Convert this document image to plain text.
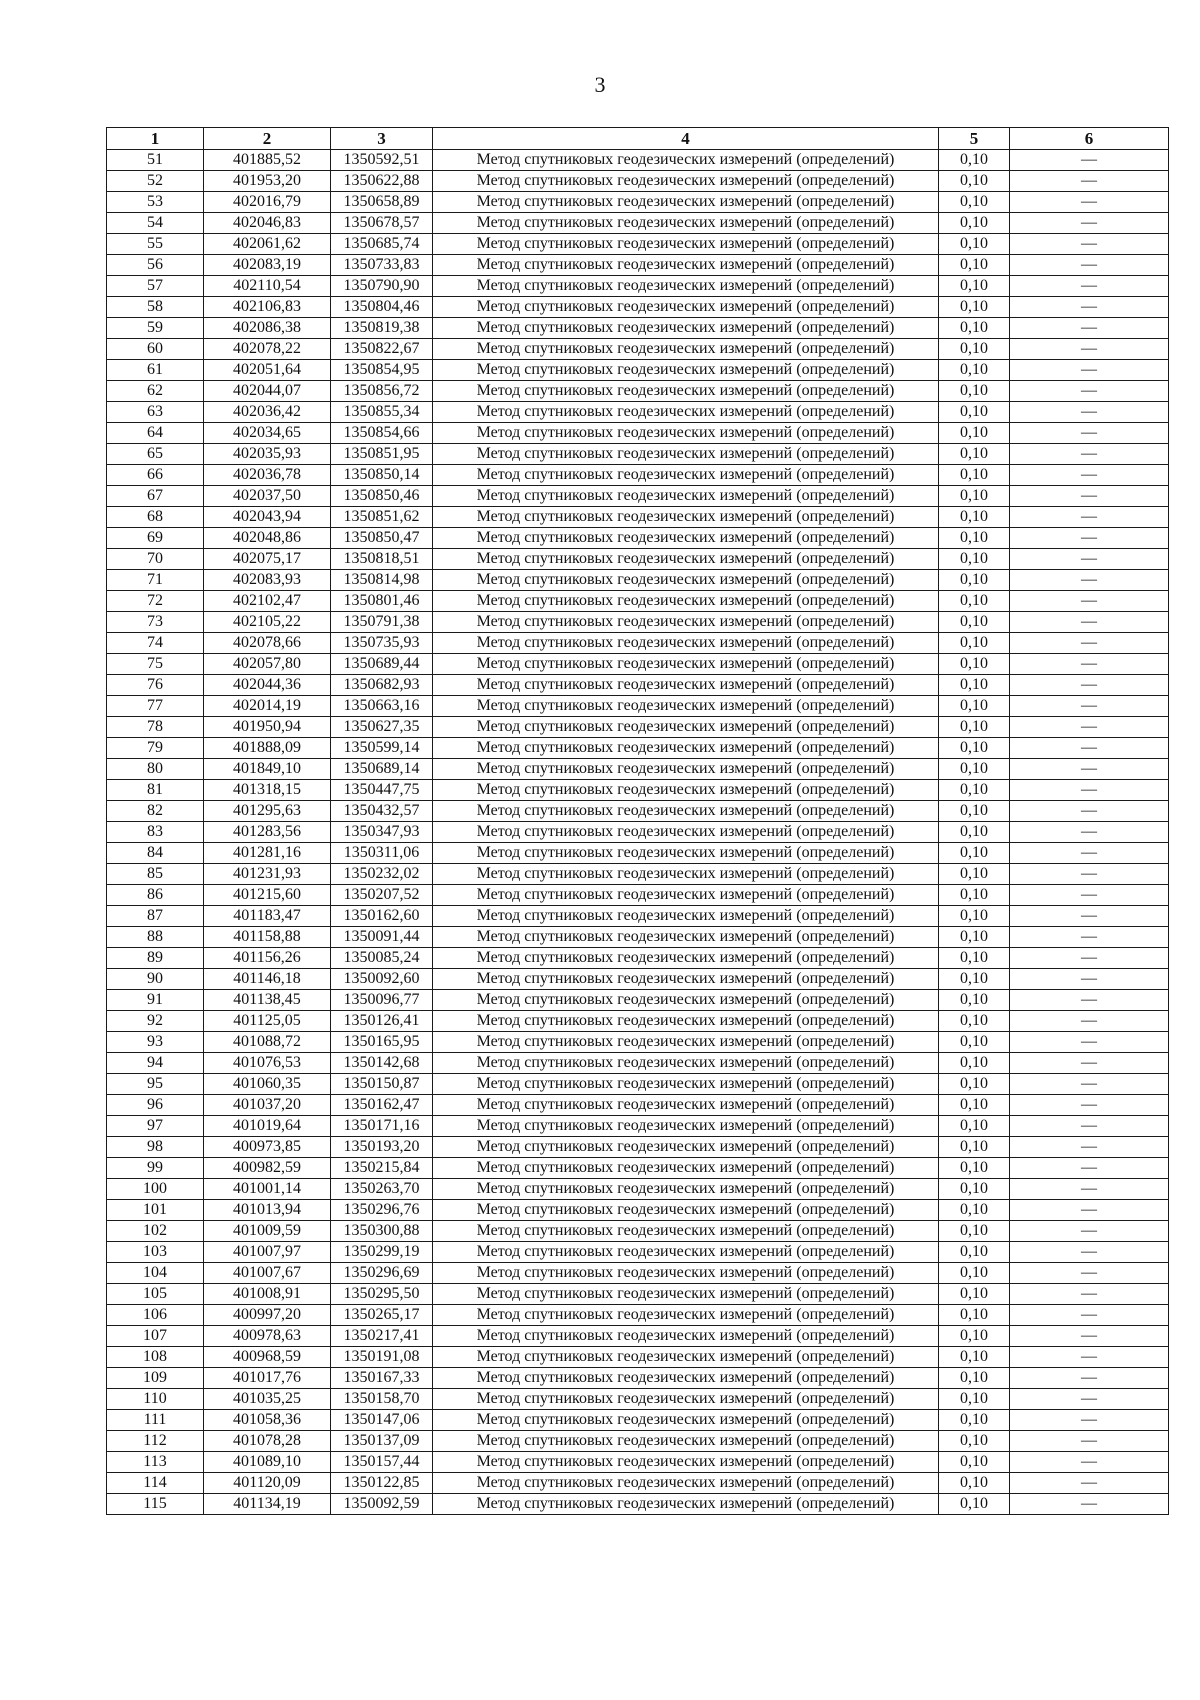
3
1	2	3	4	5	6
51	401885,52	1350592,51	Метод спутниковых геодезических измерений (определений)	0,10	—
52	401953,20	1350622,88	Метод спутниковых геодезических измерений (определений)	0,10	—
53	402016,79	1350658,89	Метод спутниковых геодезических измерений (определений)	0,10	—
54	402046,83	1350678,57	Метод спутниковых геодезических измерений (определений)	0,10	—
55	402061,62	1350685,74	Метод спутниковых геодезических измерений (определений)	0,10	—
56	402083,19	1350733,83	Метод спутниковых геодезических измерений (определений)	0,10	—
57	402110,54	1350790,90	Метод спутниковых геодезических измерений (определений)	0,10	—
58	402106,83	1350804,46	Метод спутниковых геодезических измерений (определений)	0,10	—
59	402086,38	1350819,38	Метод спутниковых геодезических измерений (определений)	0,10	—
60	402078,22	1350822,67	Метод спутниковых геодезических измерений (определений)	0,10	—
61	402051,64	1350854,95	Метод спутниковых геодезических измерений (определений)	0,10	—
62	402044,07	1350856,72	Метод спутниковых геодезических измерений (определений)	0,10	—
63	402036,42	1350855,34	Метод спутниковых геодезических измерений (определений)	0,10	—
64	402034,65	1350854,66	Метод спутниковых геодезических измерений (определений)	0,10	—
65	402035,93	1350851,95	Метод спутниковых геодезических измерений (определений)	0,10	—
66	402036,78	1350850,14	Метод спутниковых геодезических измерений (определений)	0,10	—
67	402037,50	1350850,46	Метод спутниковых геодезических измерений (определений)	0,10	—
68	402043,94	1350851,62	Метод спутниковых геодезических измерений (определений)	0,10	—
69	402048,86	1350850,47	Метод спутниковых геодезических измерений (определений)	0,10	—
70	402075,17	1350818,51	Метод спутниковых геодезических измерений (определений)	0,10	—
71	402083,93	1350814,98	Метод спутниковых геодезических измерений (определений)	0,10	—
72	402102,47	1350801,46	Метод спутниковых геодезических измерений (определений)	0,10	—
73	402105,22	1350791,38	Метод спутниковых геодезических измерений (определений)	0,10	—
74	402078,66	1350735,93	Метод спутниковых геодезических измерений (определений)	0,10	—
75	402057,80	1350689,44	Метод спутниковых геодезических измерений (определений)	0,10	—
76	402044,36	1350682,93	Метод спутниковых геодезических измерений (определений)	0,10	—
77	402014,19	1350663,16	Метод спутниковых геодезических измерений (определений)	0,10	—
78	401950,94	1350627,35	Метод спутниковых геодезических измерений (определений)	0,10	—
79	401888,09	1350599,14	Метод спутниковых геодезических измерений (определений)	0,10	—
80	401849,10	1350689,14	Метод спутниковых геодезических измерений (определений)	0,10	—
81	401318,15	1350447,75	Метод спутниковых геодезических измерений (определений)	0,10	—
82	401295,63	1350432,57	Метод спутниковых геодезических измерений (определений)	0,10	—
83	401283,56	1350347,93	Метод спутниковых геодезических измерений (определений)	0,10	—
84	401281,16	1350311,06	Метод спутниковых геодезических измерений (определений)	0,10	—
85	401231,93	1350232,02	Метод спутниковых геодезических измерений (определений)	0,10	—
86	401215,60	1350207,52	Метод спутниковых геодезических измерений (определений)	0,10	—
87	401183,47	1350162,60	Метод спутниковых геодезических измерений (определений)	0,10	—
88	401158,88	1350091,44	Метод спутниковых геодезических измерений (определений)	0,10	—
89	401156,26	1350085,24	Метод спутниковых геодезических измерений (определений)	0,10	—
90	401146,18	1350092,60	Метод спутниковых геодезических измерений (определений)	0,10	—
91	401138,45	1350096,77	Метод спутниковых геодезических измерений (определений)	0,10	—
92	401125,05	1350126,41	Метод спутниковых геодезических измерений (определений)	0,10	—
93	401088,72	1350165,95	Метод спутниковых геодезических измерений (определений)	0,10	—
94	401076,53	1350142,68	Метод спутниковых геодезических измерений (определений)	0,10	—
95	401060,35	1350150,87	Метод спутниковых геодезических измерений (определений)	0,10	—
96	401037,20	1350162,47	Метод спутниковых геодезических измерений (определений)	0,10	—
97	401019,64	1350171,16	Метод спутниковых геодезических измерений (определений)	0,10	—
98	400973,85	1350193,20	Метод спутниковых геодезических измерений (определений)	0,10	—
99	400982,59	1350215,84	Метод спутниковых геодезических измерений (определений)	0,10	—
100	401001,14	1350263,70	Метод спутниковых геодезических измерений (определений)	0,10	—
101	401013,94	1350296,76	Метод спутниковых геодезических измерений (определений)	0,10	—
102	401009,59	1350300,88	Метод спутниковых геодезических измерений (определений)	0,10	—
103	401007,97	1350299,19	Метод спутниковых геодезических измерений (определений)	0,10	—
104	401007,67	1350296,69	Метод спутниковых геодезических измерений (определений)	0,10	—
105	401008,91	1350295,50	Метод спутниковых геодезических измерений (определений)	0,10	—
106	400997,20	1350265,17	Метод спутниковых геодезических измерений (определений)	0,10	—
107	400978,63	1350217,41	Метод спутниковых геодезических измерений (определений)	0,10	—
108	400968,59	1350191,08	Метод спутниковых геодезических измерений (определений)	0,10	—
109	401017,76	1350167,33	Метод спутниковых геодезических измерений (определений)	0,10	—
110	401035,25	1350158,70	Метод спутниковых геодезических измерений (определений)	0,10	—
111	401058,36	1350147,06	Метод спутниковых геодезических измерений (определений)	0,10	—
112	401078,28	1350137,09	Метод спутниковых геодезических измерений (определений)	0,10	—
113	401089,10	1350157,44	Метод спутниковых геодезических измерений (определений)	0,10	—
114	401120,09	1350122,85	Метод спутниковых геодезических измерений (определений)	0,10	—
115	401134,19	1350092,59	Метод спутниковых геодезических измерений (определений)	0,10	—
